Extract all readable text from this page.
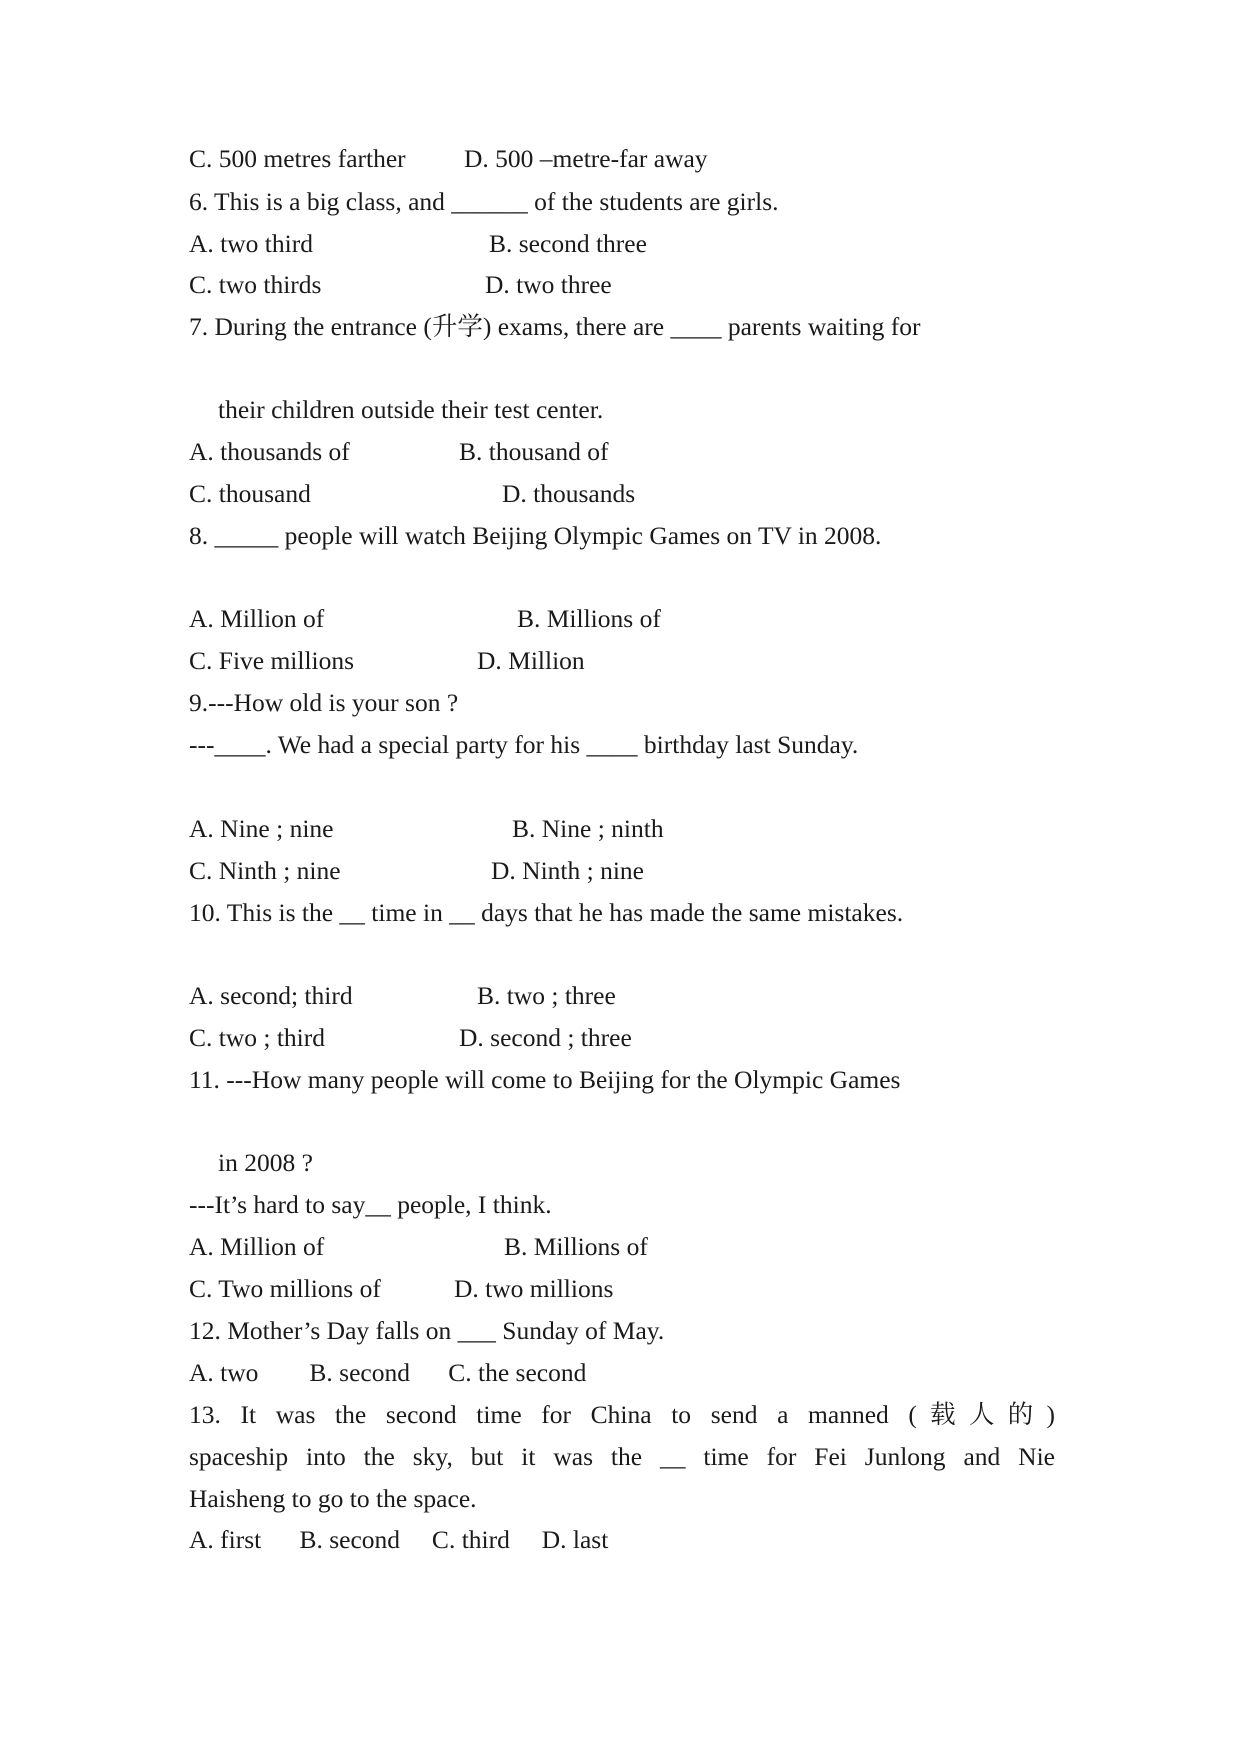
C. 500 metres farther D. 500 –metre-far away
6. This is a big class, and ______ of the students are girls.
A. two third	B. second three
C. two thirds	D. two three
7. During the entrance (升学) exams, there are ____ parents waiting for
their children outside their test center.
A. thousands of	B. thousand of
C. thousand	D. thousands
8. _____ people will watch Beijing Olympic Games on TV in 2008.
A. Million of	B. Millions of
C. Five millions	D. Million
9.---How old is your son ?
---____. We had a special party for his ____ birthday last Sunday.
A. Nine ; nine	B. Nine ; ninth
C. Ninth ; nine	D. Ninth ; nine
10. This is the __ time in __ days that he has made the same mistakes.
A. second; third	B. two ; three
C. two ; third	D. second ; three
11. ---How many people will come to Beijing for the Olympic Games
in 2008 ?
---It’s hard to say__ people, I think.
A. Million of	B. Millions of
C. Two millions of	D. two millions
12. Mother’s Day falls on ___ Sunday of May.
A. two        B. second      C. the second
13. It was the second time for China to send a manned (载人的)
spaceship into the sky, but it was the __ time for Fei Junlong and Nie
Haisheng to go to the space.
A. first      B. second     C. third     D. last
